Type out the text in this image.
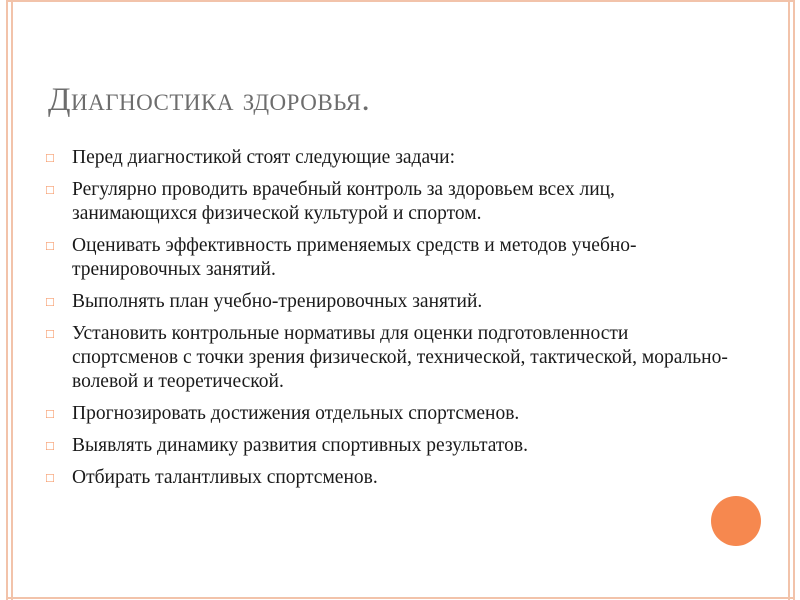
Диагностика здоровья.
□ Перед диагностикой стоят следующие задачи:
□ Регулярно проводить врачебный контроль за здоровьем всех лиц, занимающихся физической культурой и спортом.
□ Оценивать эффективность применяемых средств и методов учебно-тренировочных занятий.
□ Выполнять план учебно-тренировочных занятий.
□ Установить контрольные нормативы для оценки подготовленности спортсменов с точки зрения физической, технической, тактической, морально-волевой и теоретической.
□ Прогнозировать достижения отдельных спортсменов.
□ Выявлять динамику развития спортивных результатов.
□ Отбирать талантливых спортсменов.
